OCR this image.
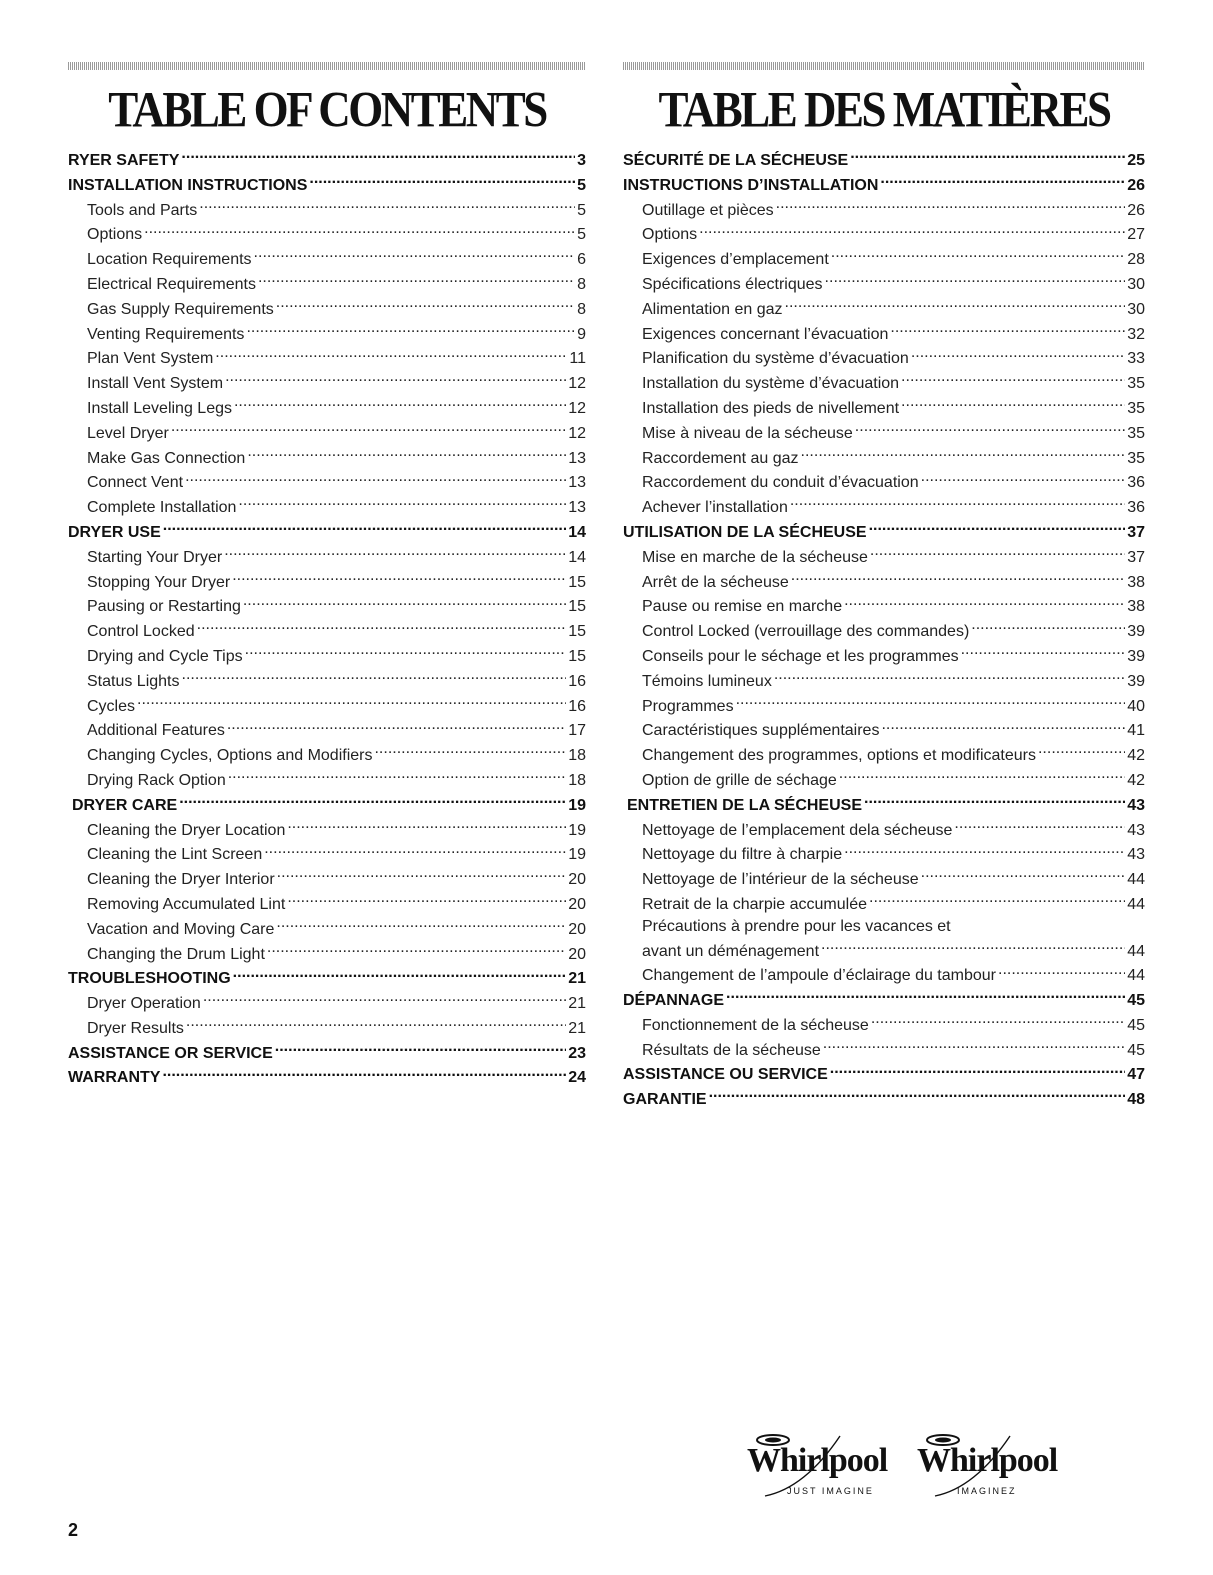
TABLE OF CONTENTS
RYER SAFETY .....	3
INSTALLATION INSTRUCTIONS .....	5
Tools and Parts .....	5
Options .....	5
Location Requirements .....	6
Electrical Requirements .....	8
Gas Supply Requirements .....	8
Venting Requirements .....	9
Plan Vent System .....	11
Install Vent System .....	12
Install Leveling Legs .....	12
Level Dryer .....	12
Make Gas Connection .....	13
Connect Vent .....	13
Complete Installation .....	13
DRYER USE .....	14
Starting Your Dryer .....	14
Stopping Your Dryer .....	15
Pausing or Restarting .....	15
Control Locked .....	15
Drying and Cycle Tips .....	15
Status Lights .....	16
Cycles .....	16
Additional Features .....	17
Changing Cycles, Options and Modifiers .....	18
Drying Rack Option .....	18
DRYER CARE .....	19
Cleaning the Dryer Location .....	19
Cleaning the Lint Screen .....	19
Cleaning the Dryer Interior .....	20
Removing Accumulated Lint .....	20
Vacation and Moving Care .....	20
Changing the Drum Light .....	20
TROUBLESHOOTING .....	21
Dryer Operation .....	21
Dryer Results .....	21
ASSISTANCE OR SERVICE .....	23
WARRANTY .....	24
TABLE DES MATIÈRES
SÉCURITÉ DE LA SÉCHEUSE .....	25
INSTRUCTIONS D’INSTALLATION .....	26
Outillage et pièces .....	26
Options .....	27
Exigences d’emplacement .....	28
Spécifications électriques .....	30
Alimentation en gaz .....	30
Exigences concernant l’évacuation .....	32
Planification du système d’évacuation .....	33
Installation du système d’évacuation .....	35
Installation des pieds de nivellement .....	35
Mise à niveau de la sécheuse .....	35
Raccordement au gaz .....	35
Raccordement du conduit d’évacuation .....	36
Achever l’installation .....	36
UTILISATION DE LA SÉCHEUSE .....	37
Mise en marche de la sécheuse .....	37
Arrêt de la sécheuse .....	38
Pause ou remise en marche .....	38
Control Locked (verrouillage des commandes) .....	39
Conseils pour le séchage et les programmes .....	39
Témoins lumineux .....	39
Programmes .....	40
Caractéristiques supplémentaires .....	41
Changement des programmes, options et modificateurs .....	42
Option de grille de séchage .....	42
ENTRETIEN DE LA SÉCHEUSE .....	43
Nettoyage de l’emplacement dela sécheuse .....	43
Nettoyage du filtre à charpie .....	43
Nettoyage de l’intérieur de la sécheuse .....	44
Retrait de la charpie accumulée .....	44
Précautions à prendre pour les vacances et
avant un déménagement .....	44
Changement de l’ampoule d’éclairage du tambour .....	44
DÉPANNAGE .....	45
Fonctionnement de la sécheuse .....	45
Résultats de la sécheuse .....	45
ASSISTANCE OU SERVICE .....	47
GARANTIE .....	48
Whirlpool
JUST IMAGINE
Whirlpool
IMAGINEZ
2
